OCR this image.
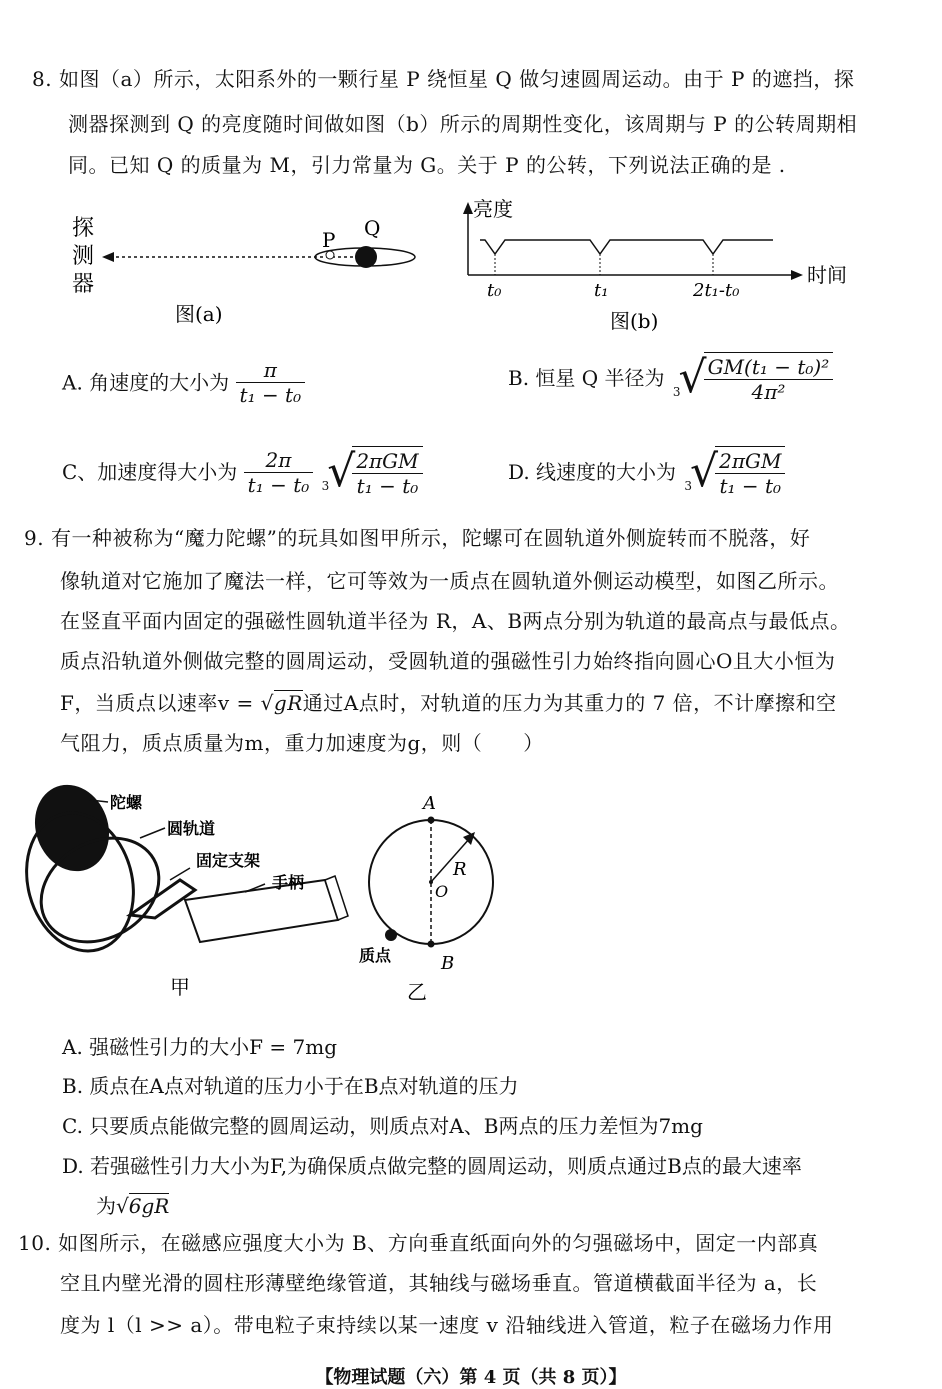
8. 如图（a）所示，太阳系外的一颗行星 P 绕恒星 Q 做匀速圆周运动。由于 P 的遮挡，探
测器探测到 Q 的亮度随时间做如图（b）所示的周期性变化，该周期与 P 的公转周期相
同。已知 Q 的质量为 M，引力常量为 G。关于 P 的公转，下列说法正确的是 .
探
测
器
P Q
图(a)
亮度
时间
t₀	t₁	2t₁-t₀
图(b)
A. 角速度的大小为 $\frac{\pi}{\text{t₁ − t₀}}$	B. 恒星 Q 半径为 $_3$√
$\frac{\text{GM(t₁ − t₀)²}}{\text{4π²}}$
C、加速度得大小为 $\frac{2\pi}{\text{t₁ − t₀}} _3√$
$\frac{\text{2πGM}}{\text{t₁ − t₀}}$	D. 线速度的大小为 $_3$√
$\frac{\text{2πGM}}{\text{t₁ − t₀}}$
9. 有一种被称为“魔力陀螺”的玩具如图甲所示，陀螺可在圆轨道外侧旋转而不脱落，好
像轨道对它施加了魔法一样，它可等效为一质点在圆轨道外侧运动模型，如图乙所示。
在竖直平面内固定的强磁性圆轨道半径为 R，A、B两点分别为轨道的最高点与最低点。
质点沿轨道外侧做完整的圆周运动，受圆轨道的强磁性引力始终指向圆心O且大小恒为
F，当质点以速率v = √gR通过A点时，对轨道的压力为其重力的 7 倍，不计摩擦和空
气阻力，质点质量为m，重力加速度为g，则（　　）
陀螺
圆轨道
固定支架
手柄
甲
A
R
O
质点	B
乙
A. 强磁性引力的大小F = 7mg
B. 质点在A点对轨道的压力小于在B点对轨道的压力
C. 只要质点能做完整的圆周运动，则质点对A、B两点的压力差恒为7mg
D. 若强磁性引力大小为F,为确保质点做完整的圆周运动，则质点通过B点的最大速率
为√6gR
10. 如图所示，在磁感应强度大小为 B、方向垂直纸面向外的匀强磁场中，固定一内部真
空且内壁光滑的圆柱形薄壁绝缘管道，其轴线与磁场垂直。管道横截面半径为 a，长
度为 l（l >> a）。带电粒子束持续以某一速度 v 沿轴线进入管道，粒子在磁场力作用
【物理试题（六）第 4 页（共 8 页）】
